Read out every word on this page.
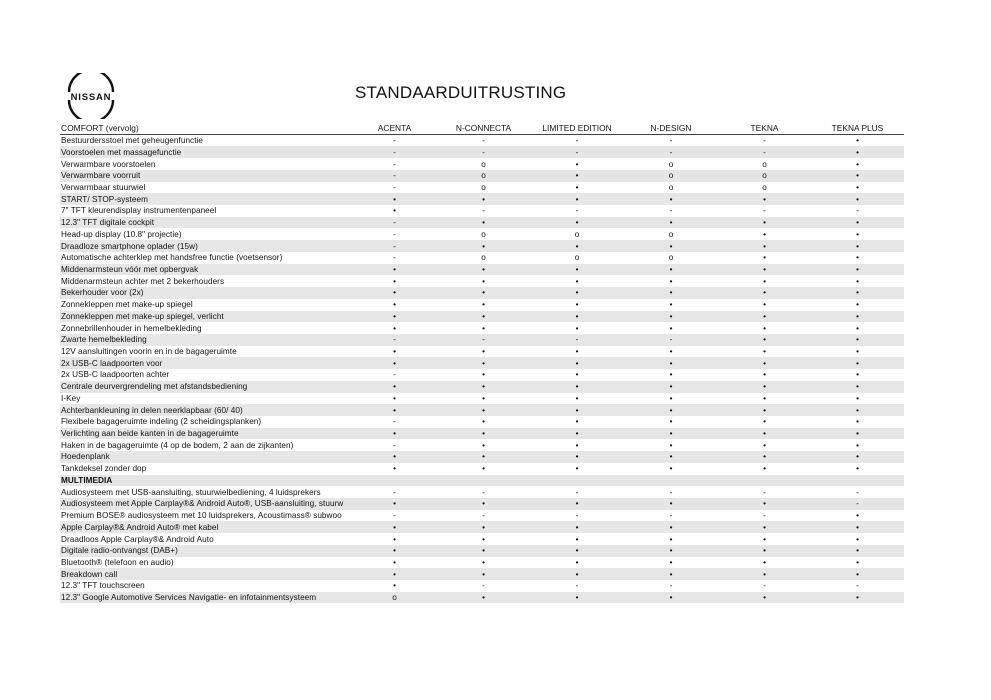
NISSAN	STANDAARDUITRUSTING
COMFORT (vervolg)	ACENTA	N-CONNECTA	LIMITED EDITION	N-DESIGN	TEKNA	TEKNA PLUS
Bestuurdersstoel met geheugenfunctie	-	-	-	-	-	•
Voorstoelen met massagefunctie	-	-	-	-	-	•
Verwarmbare voorstoelen	-	o	•	o	o	•
Verwarmbare voorruit	-	o	•	o	o	•
Verwarmbaar stuurwiel	-	o	•	o	o	•
START/ STOP-systeem	•	•	•	•	•	•
7" TFT kleurendisplay instrumentenpaneel	•	-	-	-	-	-
12.3" TFT digitale cockpit	-	•	•	•	•	•
Head-up display (10.8" projectie)	-	o	o	o	•	•
Draadloze smartphone oplader (15w)	-	•	•	•	•	•
Automatische achterklep met handsfree functie (voetsensor)	-	o	o	o	•	•
Middenarmsteun vóór met opbergvak	•	•	•	•	•	•
Middenarmsteun achter met 2 bekerhouders	•	•	•	•	•	•
Bekerhouder voor (2x)	•	•	•	•	•	•
Zonnekleppen met make-up spiegel	•	•	•	•	•	•
Zonnekleppen met make-up spiegel, verlicht	•	•	•	•	•	•
Zonnebrillenhouder in hemelbekleding	•	•	•	•	•	•
Zwarte hemelbekleding	-	-	-	-	•	•
12V aansluitingen voorin en in de bagageruimte	•	•	•	•	•	•
2x USB-C laadpoorten voor	•	•	•	•	•	•
2x USB-C laadpoorten achter	-	•	•	•	•	•
Centrale deurvergrendeling met afstandsbediening	•	•	•	•	•	•
I-Key	•	•	•	•	•	•
Achterbankleuning in delen neerklapbaar (60/ 40)	•	•	•	•	•	•
Flexibele bagageruimte indeling (2 scheidingsplanken)	-	•	•	•	•	•
Verlichting aan beide kanten in de bagageruimte	•	•	•	•	•	•
Haken in de bagageruimte (4 op de bodem, 2 aan de zijkanten)	-	•	•	•	•	•
Hoedenplank	•	•	•	•	•	•
Tankdeksel zonder dop	•	•	•	•	•	•
MULTIMEDIA
Audiosysteem met USB-aansluiting, stuurwielbediening, 4 luidsprekers	-	-	-	-	-	-
Audiosysteem met Apple Carplay®& Android Auto®, USB-aansluiting, stuurw	•	•	•	•	•	-
Premium BOSE® audiosysteem met 10 luidsprekers, Acoustimass® subwoo	-	-	-	-	-	•
Apple Carplay®& Android Auto® met kabel	•	•	•	•	•	•
Draadloos Apple Carplay®& Android Auto	•	•	•	•	•	•
Digitale radio-ontvangst (DAB+)	•	•	•	•	•	•
Bluetooth® (telefoon en audio)	•	•	•	•	•	•
Breakdown call	•	•	•	•	•	•
12.3" TFT touchscreen	•	-	-	-	-	-
12.3" Google Automotive Services Navigatie- en infotainmentsysteem	o	•	•	•	•	•
